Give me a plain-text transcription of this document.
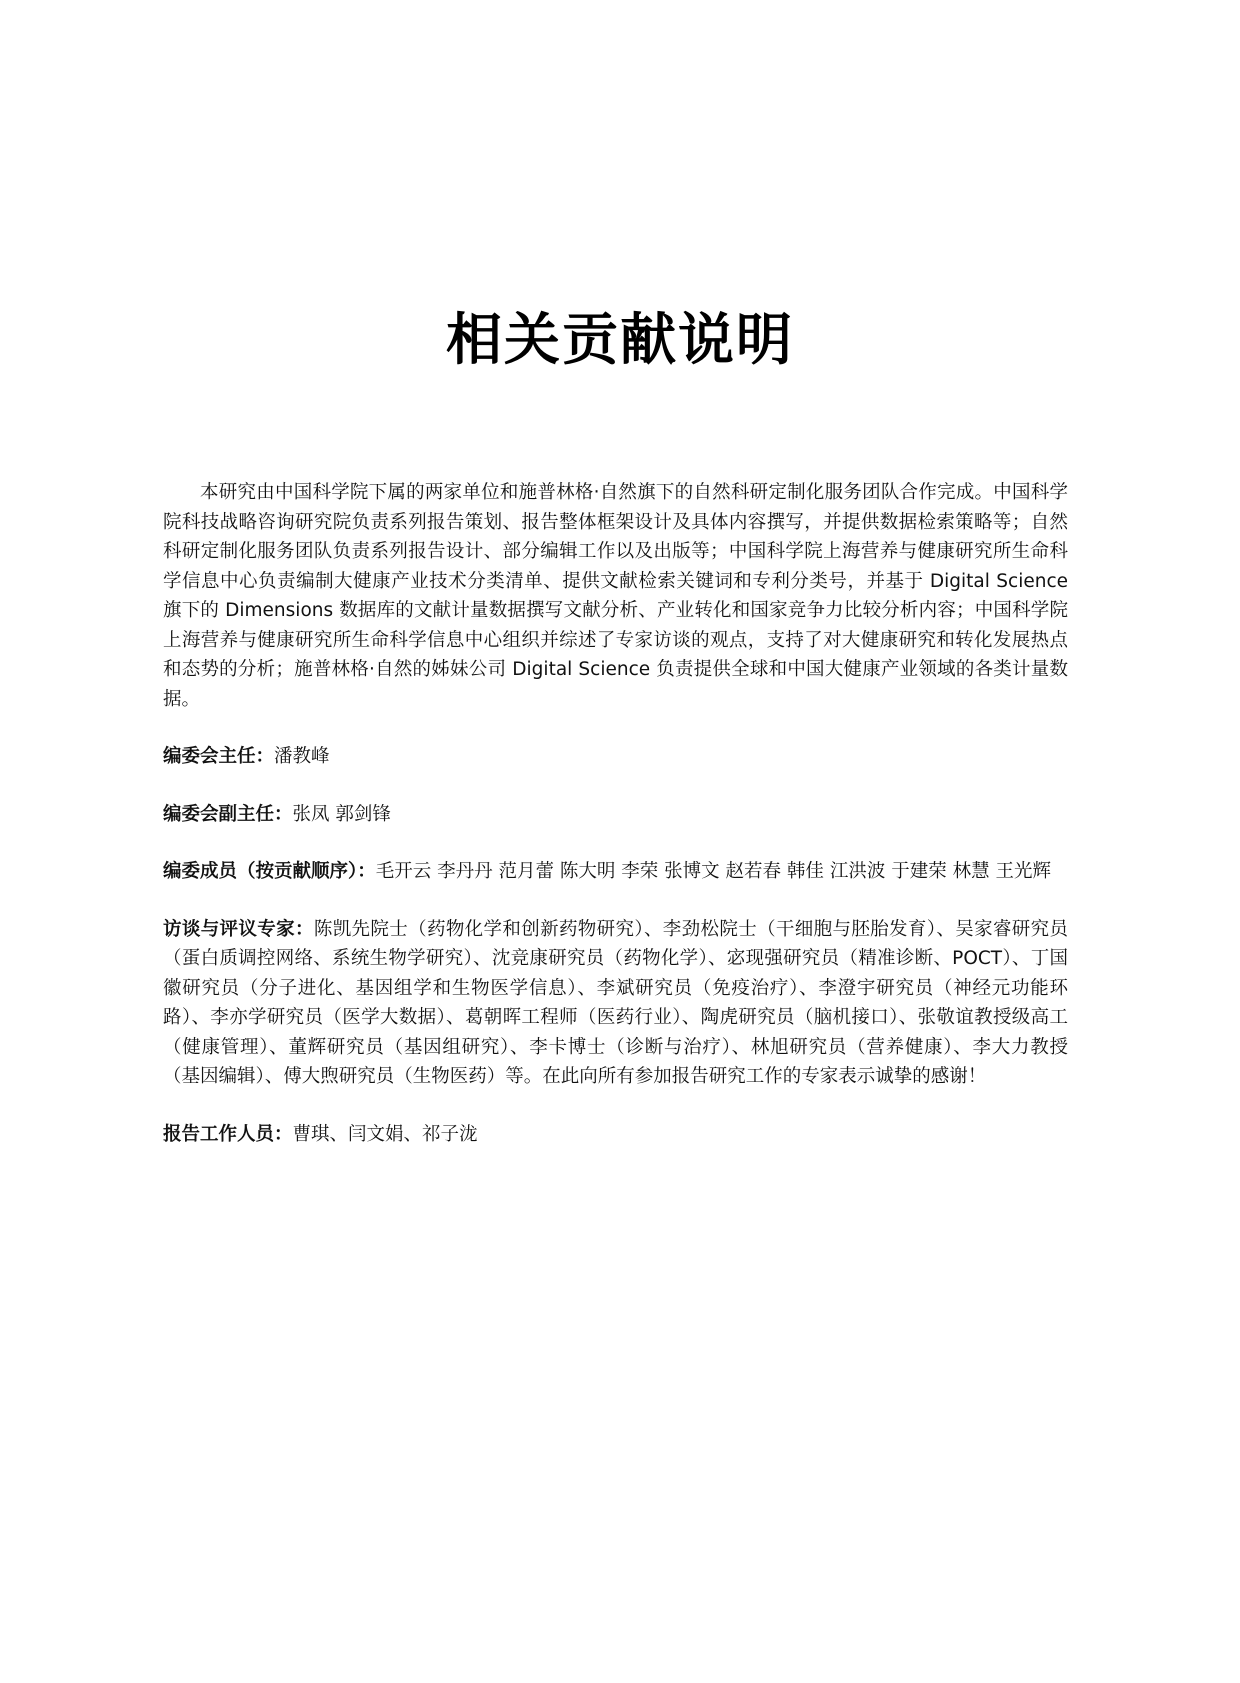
相关贡献说明

本研究由中国科学院下属的两家单位和施普林格·自然旗下的自然科研定制化服务团队合作完成。中国科学院科技战略咨询研究院负责系列报告策划、报告整体框架设计及具体内容撰写，并提供数据检索策略等；自然科研定制化服务团队负责系列报告设计、部分编辑工作以及出版等；中国科学院上海营养与健康研究所生命科学信息中心负责编制大健康产业技术分类清单、提供文献检索关键词和专利分类号，并基于 Digital Science 旗下的 Dimensions 数据库的文献计量数据撰写文献分析、产业转化和国家竞争力比较分析内容；中国科学院上海营养与健康研究所生命科学信息中心组织并综述了专家访谈的观点，支持了对大健康研究和转化发展热点和态势的分析；施普林格·自然的姊妹公司 Digital Science 负责提供全球和中国大健康产业领域的各类计量数据。

编委会主任：潘教峰

编委会副主任：张凤 郭剑锋

编委成员（按贡献顺序）：毛开云 李丹丹 范月蕾 陈大明 李荣 张博文 赵若春 韩佳 江洪波 于建荣 林慧 王光辉

访谈与评议专家：陈凯先院士（药物化学和创新药物研究）、李劲松院士（干细胞与胚胎发育）、吴家睿研究员（蛋白质调控网络、系统生物学研究）、沈竞康研究员（药物化学）、宓现强研究员（精准诊断、POCT）、丁国徽研究员（分子进化、基因组学和生物医学信息）、李斌研究员（免疫治疗）、李澄宇研究员（神经元功能环路）、李亦学研究员（医学大数据）、葛朝晖工程师（医药行业）、陶虎研究员（脑机接口）、张敬谊教授级高工（健康管理）、董辉研究员（基因组研究）、李卡博士（诊断与治疗）、林旭研究员（营养健康）、李大力教授（基因编辑）、傅大煦研究员（生物医药）等。在此向所有参加报告研究工作的专家表示诚挚的感谢！

报告工作人员：曹琪、闫文娟、祁子泷
